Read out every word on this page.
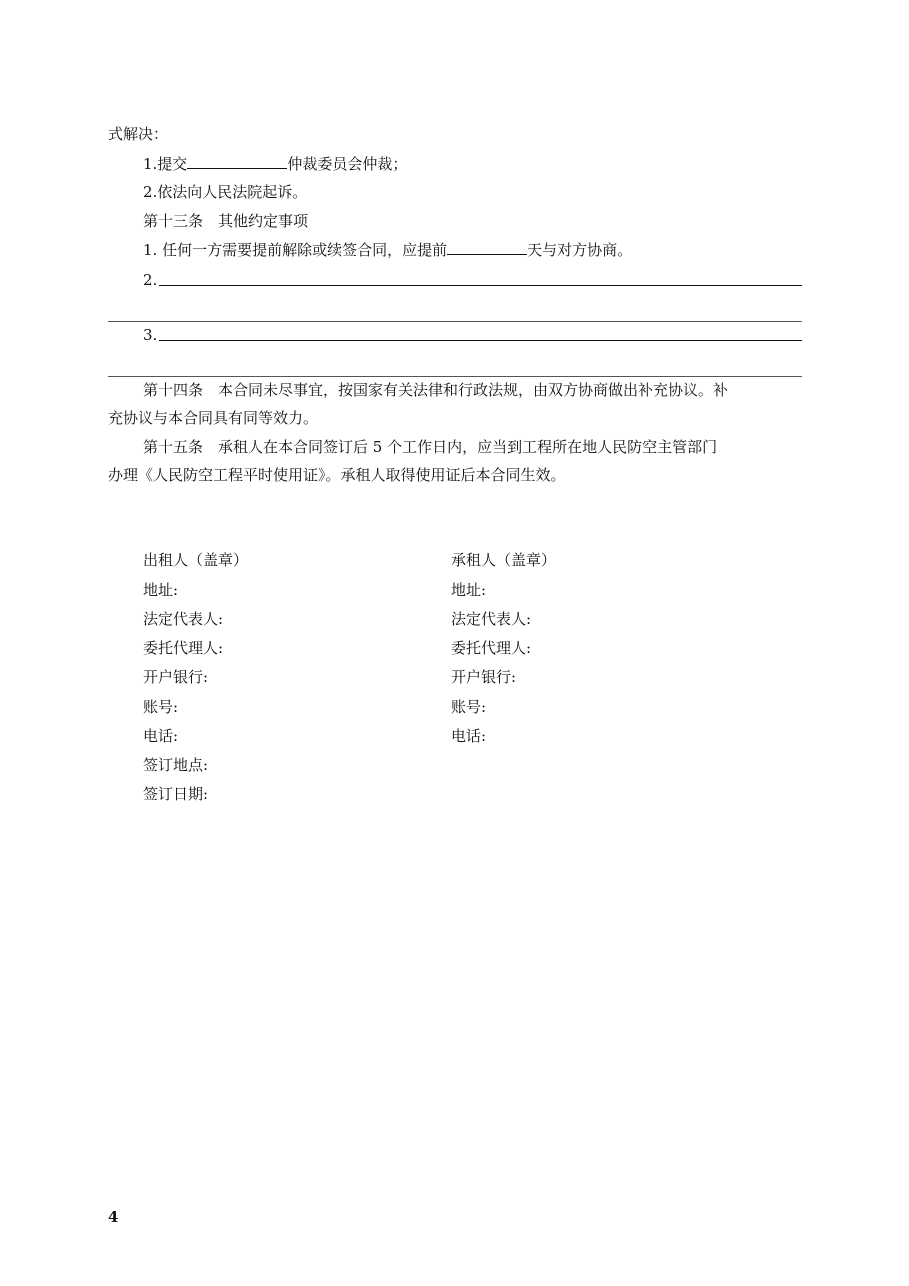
式解决：
1.提交	仲裁委员会仲裁；
2.依法向人民法院起诉。
第十三条　其他约定事项
1. 任何一方需要提前解除或续签合同，应提前	天与对方协商。
2.
3.
第十四条　本合同未尽事宜，按国家有关法律和行政法规，由双方协商做出补充协议。补
充协议与本合同具有同等效力。
第十五条　承租人在本合同签订后 5 个工作日内，应当到工程所在地人民防空主管部门
办理《人民防空工程平时使用证》。承租人取得使用证后本合同生效。
出租人（盖章）	承租人（盖章）
地址:	地址:
法定代表人:	法定代表人:
委托代理人:	委托代理人:
开户银行:	开户银行:
账号:	账号:
电话:	电话:
签订地点:
签订日期:
4
